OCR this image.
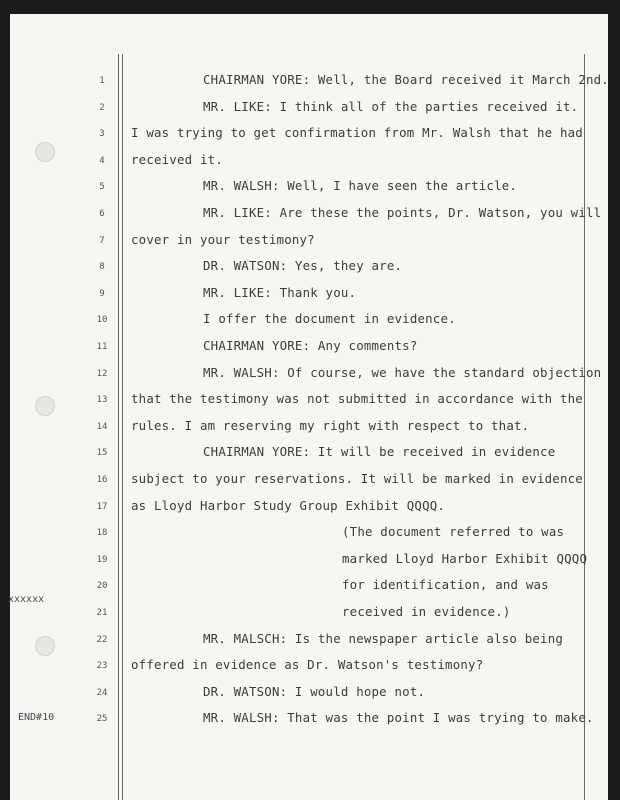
1	CHAIRMAN YORE: Well, the Board received it March 2nd.
2	MR. LIKE: I think all of the parties received it.
3	I was trying to get confirmation from Mr. Walsh that he had
4	received it.
5	MR. WALSH: Well, I have seen the article.
6	MR. LIKE: Are these the points, Dr. Watson, you will
7	cover in your testimony?
8	DR. WATSON: Yes, they are.
9	MR. LIKE: Thank you.
10	I offer the document in evidence.
11	CHAIRMAN YORE: Any comments?
12	MR. WALSH: Of course, we have the standard objection
13	that the testimony was not submitted in accordance with the
14	rules. I am reserving my right with respect to that.
15	CHAIRMAN YORE: It will be received in evidence
16	subject to your reservations. It will be marked in evidence
17	as Lloyd Harbor Study Group Exhibit QQQQ.
18	(The document referred to was
19	marked Lloyd Harbor Exhibit QQQQ
20	for identification, and was
21	received in evidence.)
22	MR. MALSCH: Is the newspaper article also being
23	offered in evidence as Dr. Watson's testimony?
24	DR. WATSON: I would hope not.
25	MR. WALSH: That was the point I was trying to make.
xxxxxx
END#10
